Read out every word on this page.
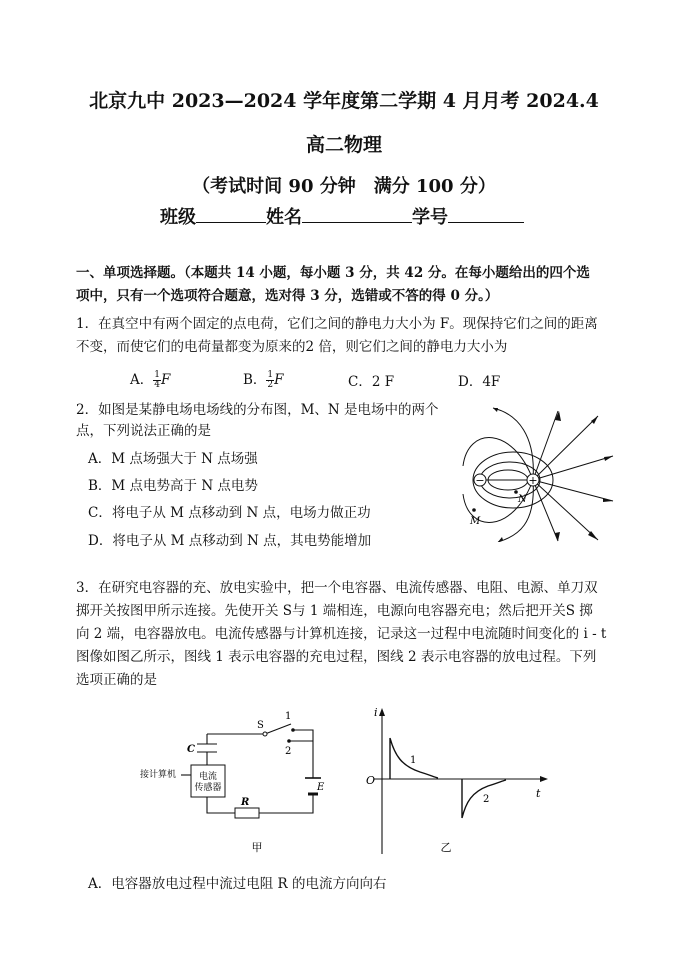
北京九中 2023—2024 学年度第二学期 4 月月考 2024.4
高二物理
（考试时间 90 分钟　满分 100 分）
班级	姓名	学号
一、单项选择题。（本题共 14 小题，每小题 3 分，共 42 分。在每小题给出的四个选
项中，只有一个选项符合题意，选对得 3 分，选错或不答的得 0 分。）
1．在真空中有两个固定的点电荷，它们之间的静电力大小为 F。现保持它们之间的距离
不变，而使它们的电荷量都变为原来的2 倍，则它们之间的静电力大小为
A． $\frac{1}{4}$ F	B． $\frac{1}{2}$ F	C．2 F	D．4F
2．如图是某静电场电场线的分布图，M、N 是电场中的两个
点，下列说法正确的是
A．M 点场强大于 N 点场强
B．M 点电势高于 N 点电势
C．将电子从 M 点移动到 N 点，电场力做正功
D．将电子从 M 点移动到 N 点，其电势能增加
−	+
N
M
3．在研究电容器的充、放电实验中，把一个电容器、电流传感器、电阻、电源、单刀双
掷开关按图甲所示连接。先使开关 S与 1 端相连，电源向电容器充电；然后把开关S 掷
向 2 端，电容器放电。电流传感器与计算机连接，记录这一过程中电流随时间变化的 i - t
图像如图乙所示，图线 1 表示电容器的充电过程，图线 2 表示电容器的放电过程。下列
选项正确的是
S
1
2
C
E
R
接计算机	电流
传感器
甲
i
O
t
1
2
乙
A．电容器放电过程中流过电阻 R 的电流方向向右
